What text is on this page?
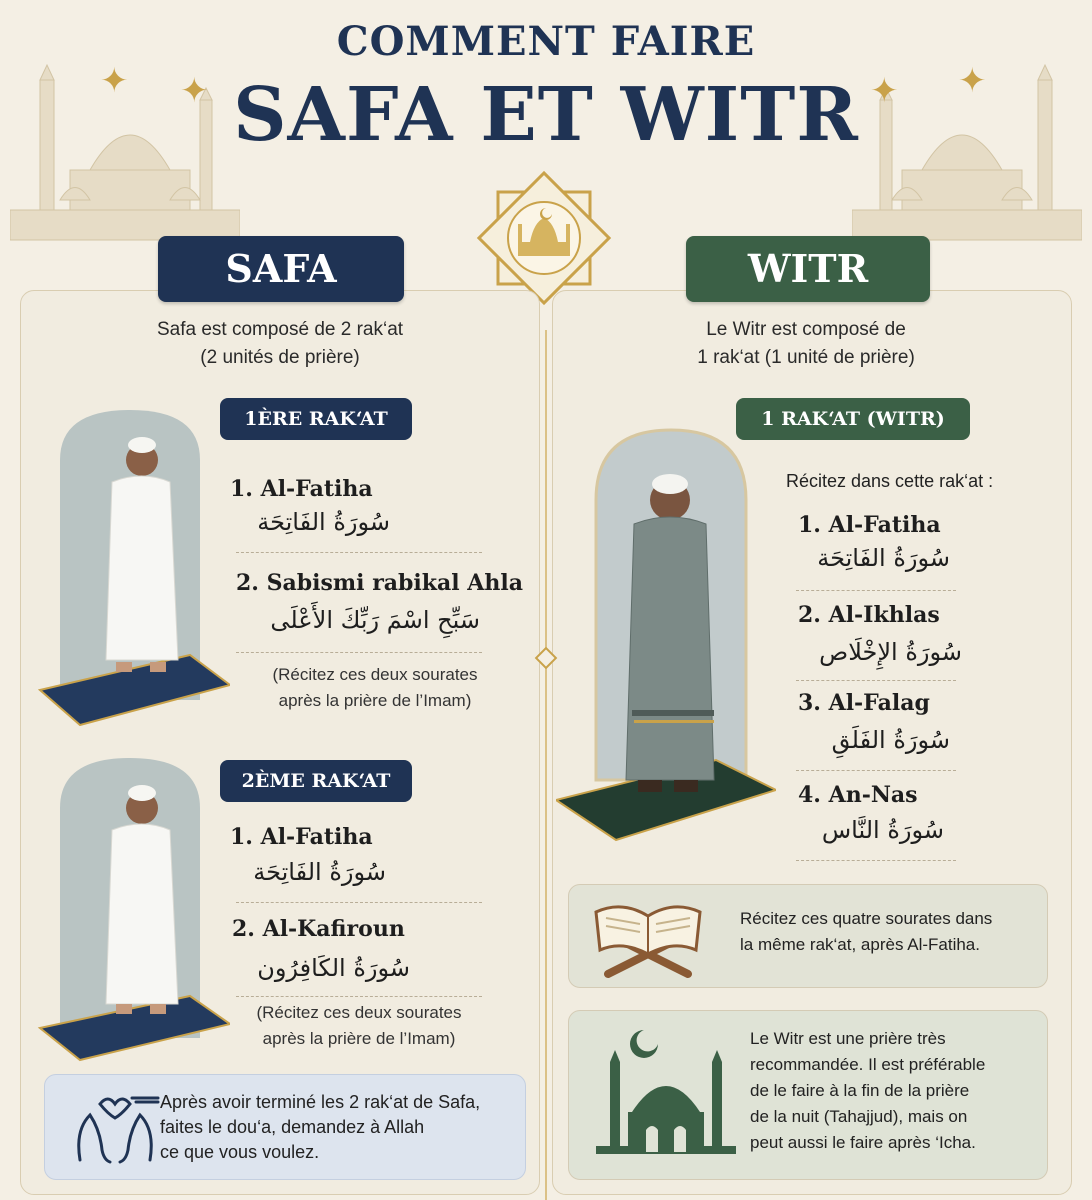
✦ ✦	✦ ✦
COMMENT FAIRE
SAFA ET WITR
SAFA
Safa est composé de 2 rak‘at
(2 unités de prière)
1ÈRE RAK‘AT
1. Al-Fatiha
سُورَةُ الفَاتِحَة
2. Sabismi rabikal Ahla
سَبِّحِ اسْمَ رَبِّكَ الأَعْلَى
(Récitez ces deux sourates
après la prière de l’Imam)
2ÈME RAK‘AT
1. Al-Fatiha
سُورَةُ الفَاتِحَة
2. Al-Kafiroun
سُورَةُ الكَافِرُون
(Récitez ces deux sourates
après la prière de l’Imam)
Après avoir terminé les 2 rak‘at de Safa,
faites le dou‘a, demandez à Allah
ce que vous voulez.
WITR
Le Witr est composé de
1 rak‘at (1 unité de prière)
1 RAK‘AT (WITR)
Récitez dans cette rak‘at :
1. Al-Fatiha
سُورَةُ الفَاتِحَة
2. Al-Ikhlas
سُورَةُ الإِخْلَاص
3. Al-Falag
سُورَةُ الفَلَقِ
4. An-Nas
سُورَةُ النَّاس
Récitez ces quatre sourates dans
la même rak‘at, après Al-Fatiha.
Le Witr est une prière très
recommandée. Il est préférable
de le faire à la fin de la prière
de la nuit (Tahajjud), mais on
peut aussi le faire après ‘Icha.
